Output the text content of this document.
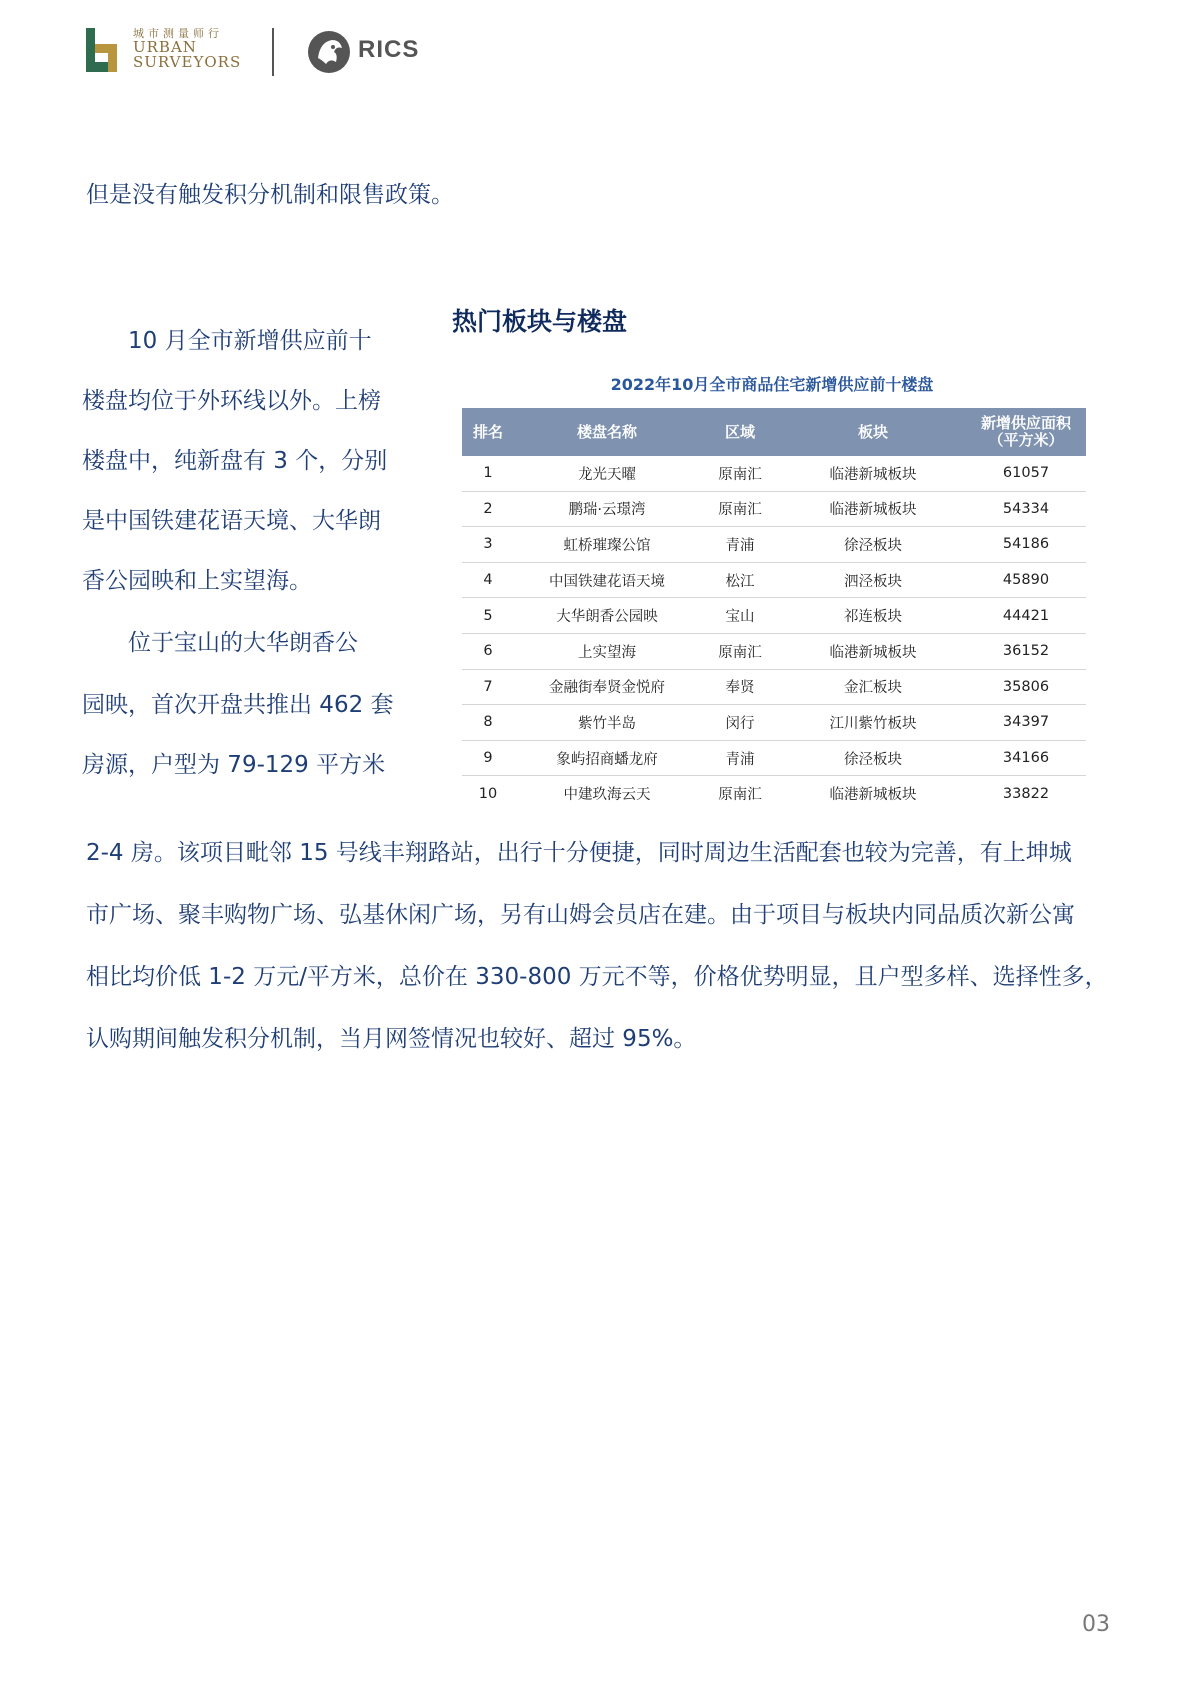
城市测量师行
URBAN
SURVEYORS	RICS
但是没有触发积分机制和限售政策。
热门板块与楼盘
　　10 月全市新增供应前十
楼盘均位于外环线以外。上榜
楼盘中，纯新盘有 3 个，分别
是中国铁建花语天境、大华朗
香公园映和上实望海。
　　位于宝山的大华朗香公
园映，首次开盘共推出 462 套
房源，户型为 79-129 平方米
2022年10月全市商品住宅新增供应前十楼盘
排名	楼盘名称	区域	板块	新增供应面积
（平方米）
1	龙光天曜	原南汇	临港新城板块	61057
2	鹏瑞·云璟湾	原南汇	临港新城板块	54334
3	虹桥璀璨公馆	青浦	徐泾板块	54186
4	中国铁建花语天境	松江	泗泾板块	45890
5	大华朗香公园映	宝山	祁连板块	44421
6	上实望海	原南汇	临港新城板块	36152
7	金融街奉贤金悦府	奉贤	金汇板块	35806
8	紫竹半岛	闵行	江川紫竹板块	34397
9	象屿招商蟠龙府	青浦	徐泾板块	34166
10	中建玖海云天	原南汇	临港新城板块	33822
2-4 房。该项目毗邻 15 号线丰翔路站，出行十分便捷，同时周边生活配套也较为完善，有上坤城
市广场、聚丰购物广场、弘基休闲广场，另有山姆会员店在建。由于项目与板块内同品质次新公寓
相比均价低 1-2 万元/平方米，总价在 330-800 万元不等，价格优势明显，且户型多样、选择性多，
认购期间触发积分机制，当月网签情况也较好、超过 95%。
03
